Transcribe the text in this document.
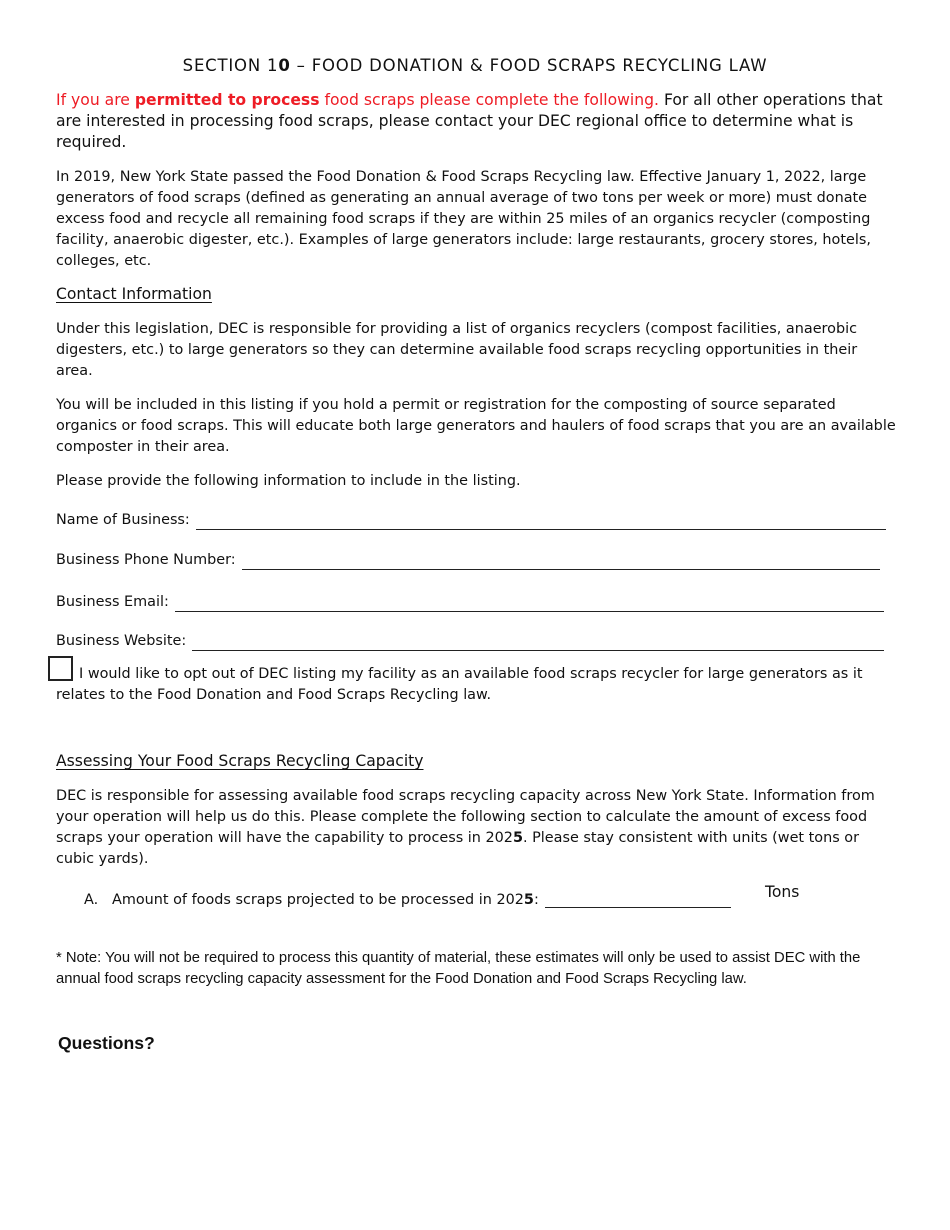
SECTION 10 – FOOD DONATION & FOOD SCRAPS RECYCLING LAW

If you are permitted to process food scraps please complete the following. For all other operations that are interested in processing food scraps, please contact your DEC regional office to determine what is required.

In 2019, New York State passed the Food Donation & Food Scraps Recycling law. Effective January 1, 2022, large generators of food scraps (defined as generating an annual average of two tons per week or more) must donate excess food and recycle all remaining food scraps if they are within 25 miles of an organics recycler (composting facility, anaerobic digester, etc.). Examples of large generators include: large restaurants, grocery stores, hotels, colleges, etc.

Contact Information

Under this legislation, DEC is responsible for providing a list of organics recyclers (compost facilities, anaerobic digesters, etc.) to large generators so they can determine available food scraps recycling opportunities in their area.

You will be included in this listing if you hold a permit or registration for the composting of source separated organics or food scraps. This will educate both large generators and haulers of food scraps that you are an available composter in their area.

Please provide the following information to include in the listing.

Name of Business:
Business Phone Number:
Business Email:
Business Website:

I would like to opt out of DEC listing my facility as an available food scraps recycler for large generators as it relates to the Food Donation and Food Scraps Recycling law.

Assessing Your Food Scraps Recycling Capacity

DEC is responsible for assessing available food scraps recycling capacity across New York State. Information from your operation will help us do this. Please complete the following section to calculate the amount of excess food scraps your operation will have the capability to process in 2025. Please stay consistent with units (wet tons or cubic yards).

A. Amount of foods scraps projected to be processed in 2025:	Tons
* Note: You will not be required to process this quantity of material, these estimates will only be used to assist DEC with the annual food scraps recycling capacity assessment for the Food Donation and Food Scraps Recycling law.
Questions?
